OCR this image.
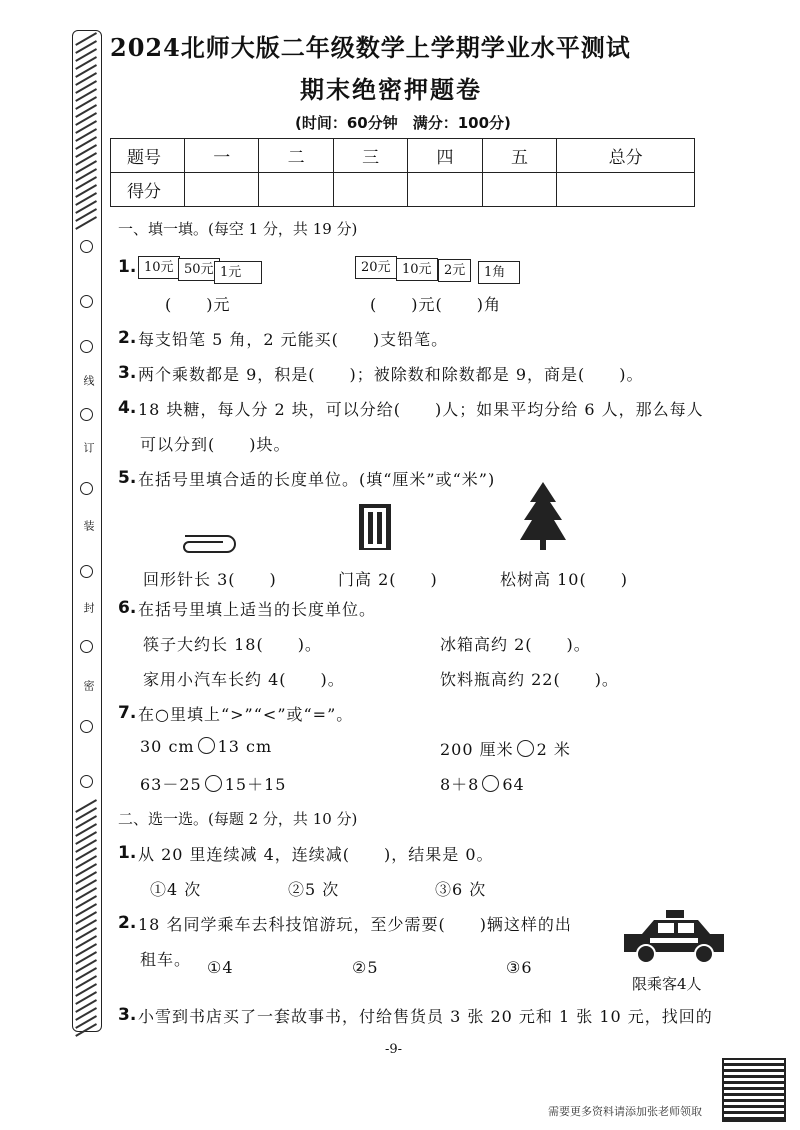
线
订
装
封
密
2024北师大版二年级数学上学期学业水平测试
期末绝密押题卷
(时间：60分钟　满分：100分)
题号	一	二	三	四	五	总分
得分						
一、填一填。(每空 1 分，共 19 分)
1. 10元 50元 1元	20元 10元 2元	1角
(　　)元	(　　)元(　　)角
2. 每支铅笔 5 角，2 元能买(　　)支铅笔。
3. 两个乘数都是 9，积是(　　)；被除数和除数都是 9，商是(　　)。
4. 18 块糖，每人分 2 块，可以分给(　　)人；如果平均分给 6 人，那么每人
可以分到(　　)块。
5. 在括号里填合适的长度单位。(填“厘米”或“米”)
回形针长 3(　　)	门高 2(　　)	松树高 10(　　)
6. 在括号里填上适当的长度单位。
筷子大约长 18(　　)。	冰箱高约 2(　　)。
家用小汽车长约 4(　　)。	饮料瓶高约 22(　　)。
7. 在○里填上“>”“<”或“=”。
30 cm 13 cm	200 厘米 2 米
63－25 15＋15	8＋8 64
二、选一选。(每题 2 分，共 10 分)
1. 从 20 里连续减 4，连续减(　　)，结果是 0。
①4 次	②5 次	③6 次
2. 18 名同学乘车去科技馆游玩，至少需要(　　)辆这样的出
租车。 ①4	②5	③6
限乘客4人
3. 小雪到书店买了一套故事书，付给售货员 3 张 20 元和 1 张 10 元，找回的
-9-
需要更多资料请添加张老师领取
